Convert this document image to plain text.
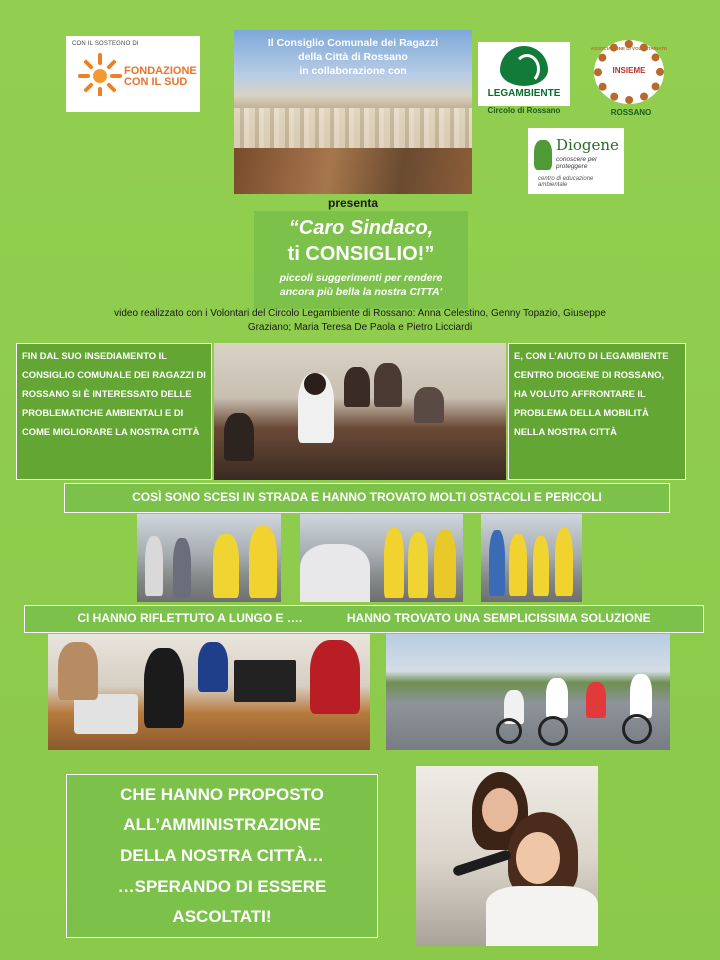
CON IL SOSTEGNO DI
FONDAZIONE
CON IL SUD
Il Consiglio Comunale dei Ragazzi
della Città di Rossano
in collaborazione con
LEGAMBIENTE
Circolo di Rossano
ASSOCIAZIONE DI VOLONTARIATO
INSIEME
ROSSANO
Diogene
conoscere per proteggere
centro di educazione ambientale
presenta
“Caro Sindaco,
ti CONSIGLIO!”
piccoli suggerimenti per rendere
ancora più bella la nostra CITTA'
video realizzato con i Volontari del Circolo Legambiente di Rossano: Anna Celestino, Genny Topazio, Giuseppe
Graziano; Maria Teresa De Paola e Pietro Licciardi
FIN DAL SUO INSEDIAMENTO IL CONSIGLIO COMUNALE DEI RAGAZZI DI ROSSANO SI È INTERESSATO DELLE PROBLEMATICHE AMBIENTALI E DI COME MIGLIORARE LA NOSTRA CITTÀ
E, CON L’AIUTO DI LEGAMBIENTE CENTRO DIOGENE DI ROSSANO, HA VOLUTO AFFRONTARE IL PROBLEMA DELLA MOBILITÀ NELLA NOSTRA CITTÀ
COSÌ SONO SCESI IN STRADA E HANNO TROVATO MOLTI OSTACOLI E PERICOLI
CI HANNO RIFLETTUTO A LUNGO E ….	HANNO TROVATO UNA SEMPLICISSIMA SOLUZIONE
CHE HANNO PROPOSTO
ALL’AMMINISTRAZIONE
DELLA NOSTRA CITTÀ…
…SPERANDO DI ESSERE
ASCOLTATI!
